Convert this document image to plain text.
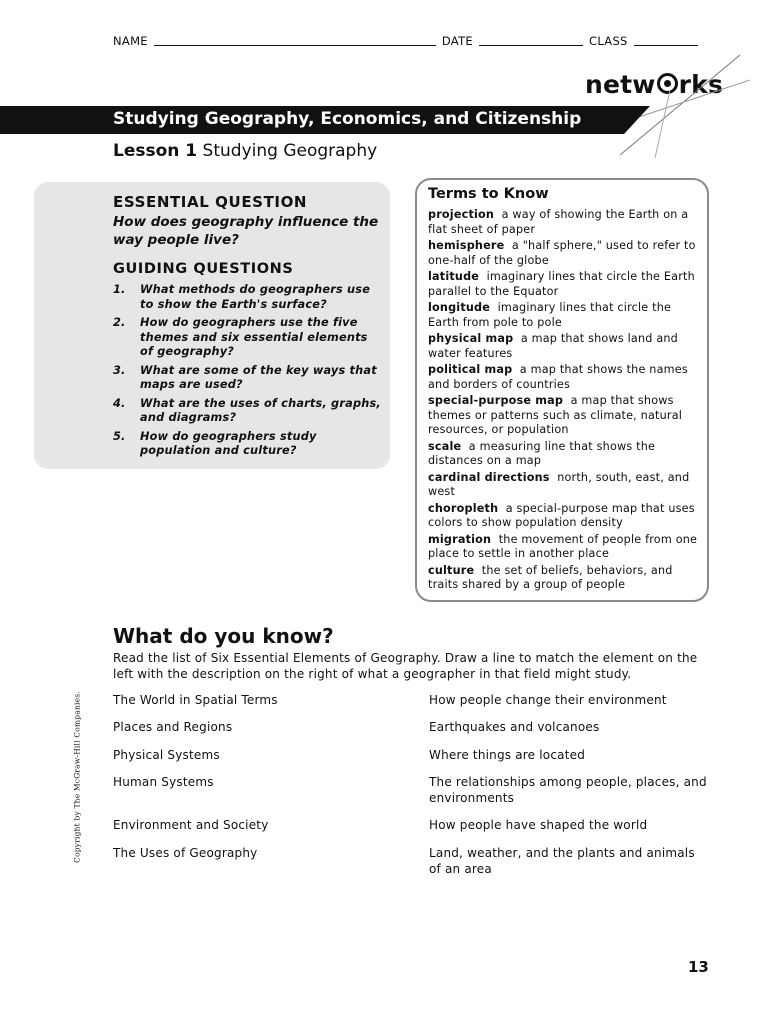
NAME	DATE	CLASS
netw rks
Studying Geography, Economics, and Citizenship
Lesson 1 Studying Geography
ESSENTIAL QUESTION
How does geography influence the way people live?
GUIDING QUESTIONS
1.	What methods do geographers use to show the Earth's surface?
2.	How do geographers use the five themes and six essential elements of geography?
3.	What are some of the key ways that maps are used?
4.	What are the uses of charts, graphs, and diagrams?
5.	How do geographers study population and culture?
Terms to Know
projection a way of showing the Earth on a flat sheet of paper
hemisphere a "half sphere," used to refer to one-half of the globe
latitude imaginary lines that circle the Earth parallel to the Equator
longitude imaginary lines that circle the Earth from pole to pole
physical map a map that shows land and water features
political map a map that shows the names and borders of countries
special-purpose map a map that shows themes or patterns such as climate, natural resources, or population
scale a measuring line that shows the distances on a map
cardinal directions north, south, east, and west
choropleth a special-purpose map that uses colors to show population density
migration the movement of people from one place to settle in another place
culture the set of beliefs, behaviors, and traits shared by a group of people
What do you know?
Read the list of Six Essential Elements of Geography. Draw a line to match the element on the left with the description on the right of what a geographer in that field might study.
The World in Spatial Terms	How people change their environment
Places and Regions	Earthquakes and volcanoes
Physical Systems	Where things are located
Human Systems	The relationships among people, places, and environments
Environment and Society	How people have shaped the world
The Uses of Geography	Land, weather, and the plants and animals of an area
Copyright by The McGraw-Hill Companies.
13
